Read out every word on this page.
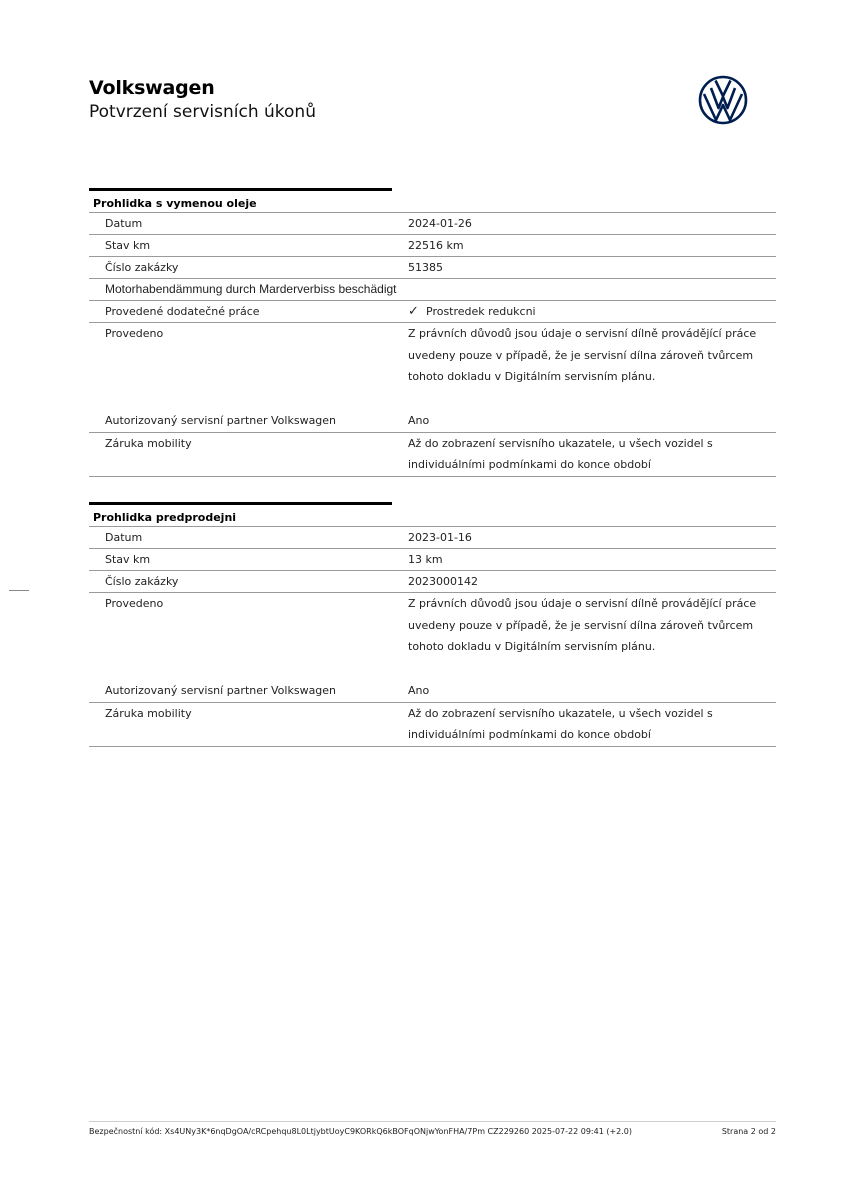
Volkswagen
Potvrzení servisních úkonů
Prohlidka s vymenou oleje
Datum	2024-01-26
Stav km	22516 km
Číslo zakázky	51385
Motorhabendämmung durch Marderverbiss beschädigt
Provedené dodatečné práce	✓ Prostredek redukcni
Provedeno	Z právních důvodů jsou údaje o servisní dílně provádějící práce uvedeny pouze v případě, že je servisní dílna zároveň tvůrcem tohoto dokladu v Digitálním servisním plánu.
Autorizovaný servisní partner Volkswagen	Ano
Záruka mobility	Až do zobrazení servisního ukazatele, u všech vozidel s individuálními podmínkami do konce období
Prohlidka predprodejni
Datum	2023-01-16
Stav km	13 km
Číslo zakázky	2023000142
Provedeno	Z právních důvodů jsou údaje o servisní dílně provádějící práce uvedeny pouze v případě, že je servisní dílna zároveň tvůrcem tohoto dokladu v Digitálním servisním plánu.
Autorizovaný servisní partner Volkswagen	Ano
Záruka mobility	Až do zobrazení servisního ukazatele, u všech vozidel s individuálními podmínkami do konce období
Bezpečnostní kód: Xs4UNy3K*6nqDgOA/cRCpehqu8L0LtjybtUoyC9KORkQ6kBOFqONjwYonFHA/7Pm CZ229260 2025-07-22 09:41 (+2.0)	Strana 2 od 2
